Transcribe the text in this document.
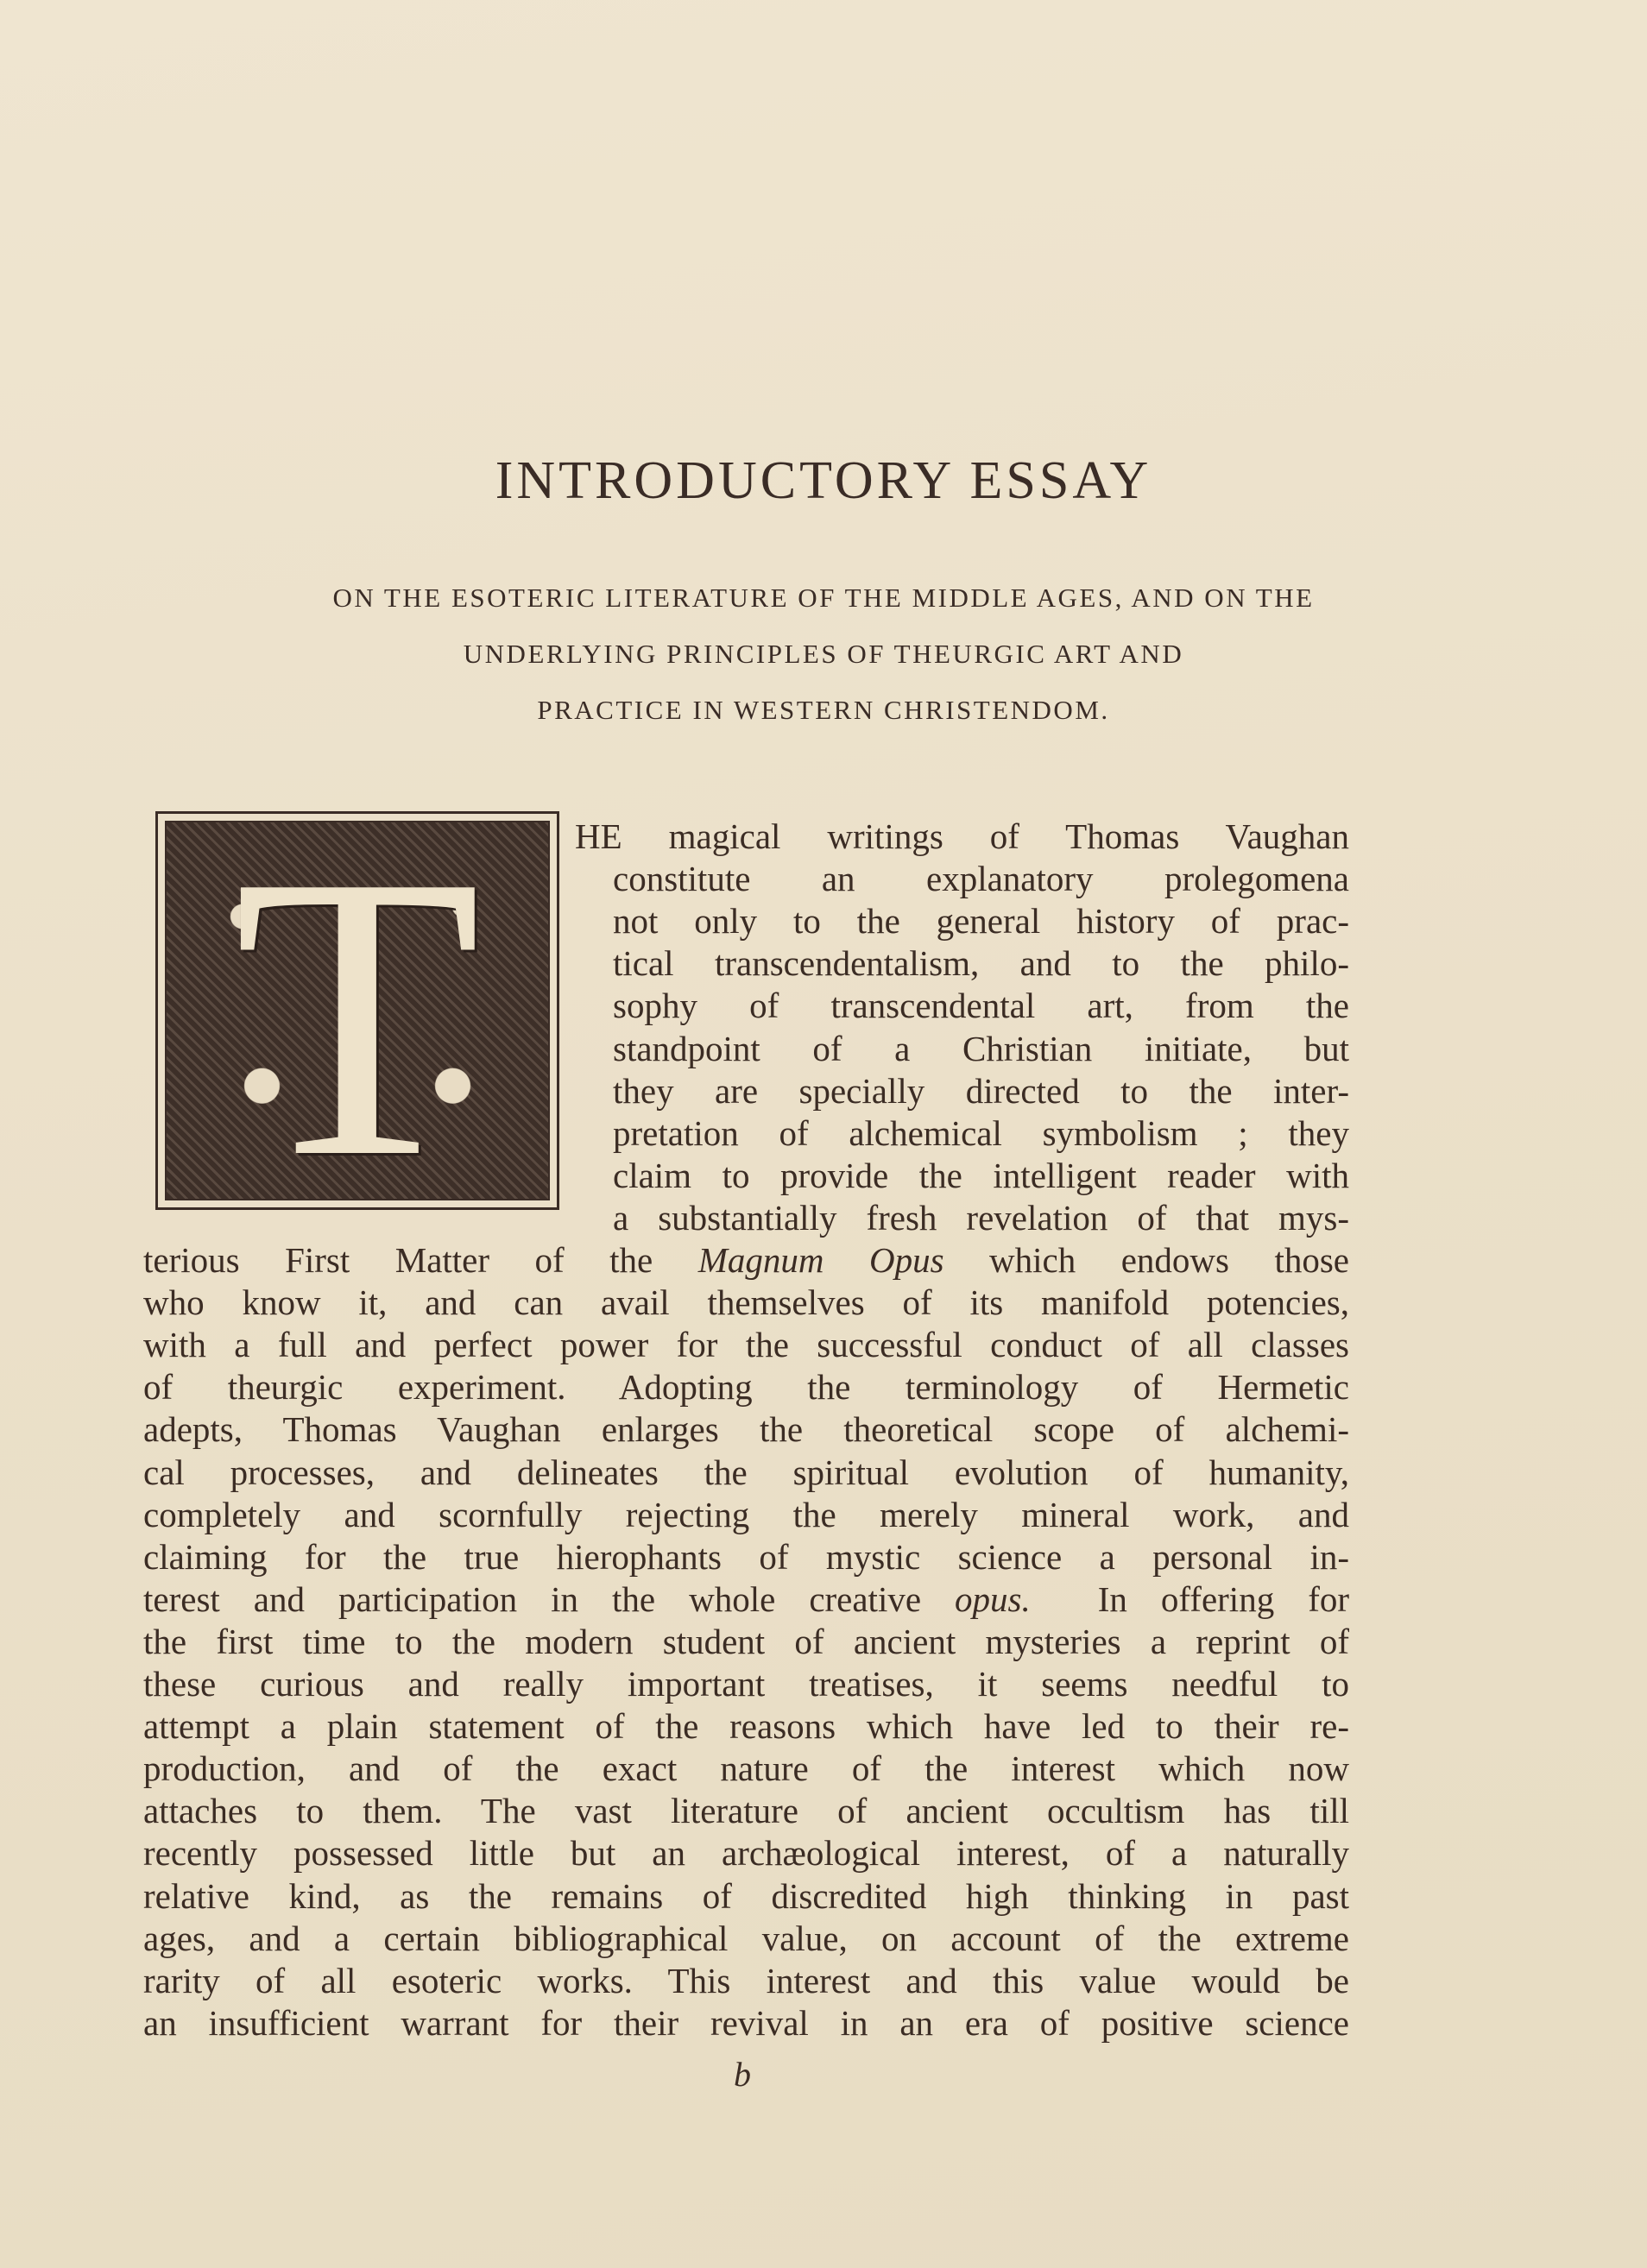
INTRODUCTORY ESSAY
ON THE ESOTERIC LITERATURE OF THE MIDDLE AGES, AND ON THE
UNDERLYING PRINCIPLES OF THEURGIC ART AND
PRACTICE IN WESTERN CHRISTENDOM.
T	HE magical writings of Thomas Vaughan
constitute an explanatory prolegomena
not only to the general history of prac-
tical transcendentalism, and to the philo-
sophy of transcendental art, from the
standpoint of a Christian initiate, but
they are specially directed to the inter-
pretation of alchemical symbolism ; they
claim to provide the intelligent reader with
a substantially fresh revelation of that mys-
terious First Matter of the Magnum Opus which endows those
who know it, and can avail themselves of its manifold potencies,
with a full and perfect power for the successful conduct of all classes
of theurgic experiment. Adopting the terminology of Hermetic
adepts, Thomas Vaughan enlarges the theoretical scope of alchemi-
cal processes, and delineates the spiritual evolution of humanity,
completely and scornfully rejecting the merely mineral work, and
claiming for the true hierophants of mystic science a personal in-
terest and participation in the whole creative opus. In offering for
the first time to the modern student of ancient mysteries a reprint of
these curious and really important treatises, it seems needful to
attempt a plain statement of the reasons which have led to their re-
production, and of the exact nature of the interest which now
attaches to them. The vast literature of ancient occultism has till
recently possessed little but an archæological interest, of a naturally
relative kind, as the remains of discredited high thinking in past
ages, and a certain bibliographical value, on account of the extreme
rarity of all esoteric works. This interest and this value would be
an insufficient warrant for their revival in an era of positive science
b
